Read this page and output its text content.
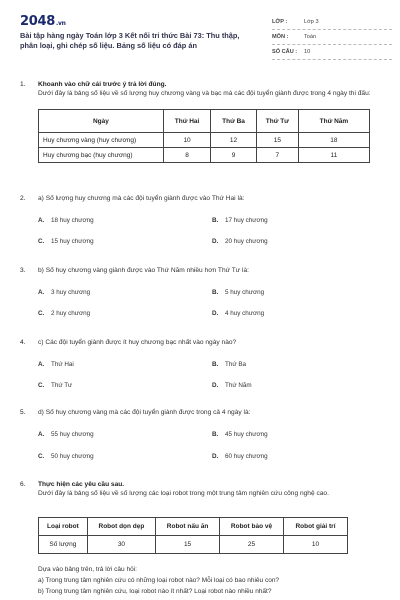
2048.vn
Bài tập hàng ngày Toán lớp 3 Kết nối tri thức Bài 73: Thu thập, phân loại, ghi chép số liệu. Bảng số liệu có đáp án
LỚP :	Lớp 3
MÔN :	Toán
SỐ CÂU : 10
1.	Khoanh vào chữ cái trước ý trả lời đúng.
Dưới đây là bảng số liệu về số lượng huy chương vàng và bạc mà các đội tuyển giành được trong 4 ngày thi đấu:
Ngày	Thứ Hai	Thứ Ba	Thứ Tư	Thứ Năm
Huy chương vàng (huy chương)	10	12	15	18
Huy chương bạc (huy chương)	8	9	7	11
2.	a) Số lượng huy chương mà các đội tuyển giành được vào Thứ Hai là:
A. 18 huy chương	B. 17 huy chương
C. 15 huy chương	D. 20 huy chương
3.	b) Số huy chương vàng giành được vào Thứ Năm nhiều hơn Thứ Tư là:
A. 3 huy chương	B. 5 huy chương
C. 2 huy chương	D. 4 huy chương
4.	c) Các đội tuyển giành được ít huy chương bạc nhất vào ngày nào?
A. Thứ Hai	B. Thứ Ba
C. Thứ Tư	D. Thứ Năm
5.	d) Số huy chương vàng mà các đội tuyển giành được trong cả 4 ngày là:
A. 55 huy chương	B. 45 huy chương
C. 50 huy chương	D. 60 huy chương
6.	Thực hiện các yêu cầu sau.
Dưới đây là bảng số liệu về số lượng các loại robot trong một trung tâm nghiên cứu công nghệ cao.
Loại robot	Robot dọn dẹp	Robot nấu ăn	Robot bảo vệ	Robot giải trí
Số lượng	30	15	25	10
Dựa vào bảng trên, trả lời câu hỏi:
a) Trong trung tâm nghiên cứu có những loại robot nào? Mỗi loại có bao nhiêu con?
b) Trong trung tâm nghiên cứu, loại robot nào ít nhất? Loại robot nào nhiều nhất?
